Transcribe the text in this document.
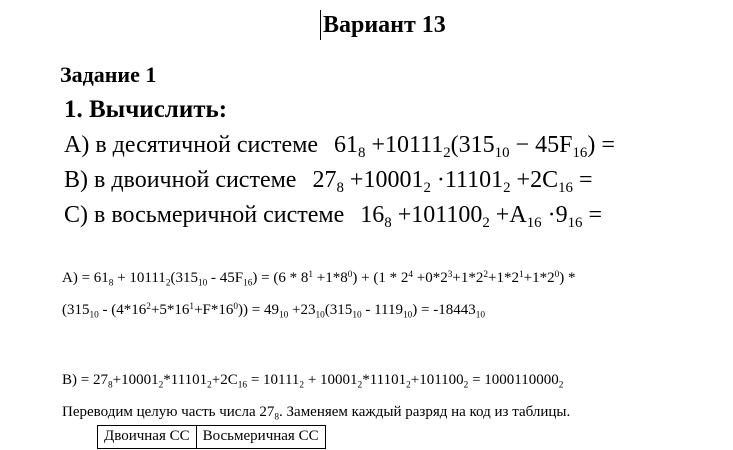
Вариант 13
Задание 1
1. Вычислить:
A) в десятичной системе $61_8 +10111_2(315_{10} - 45F_{16})$ =
B) в двоичной системе $27_8 +10001_2 \cdot 11101_2 +2C_{16}$ =
C) в восьмеричной системе $16_8 +101100_2 +A_{16} \cdot 9_{16}$ =
$A) = 61_8 + 10111_2(315_{10} - 45F_{16}) = (6 * 8^1 +1*8^0) + (1 * 2^4 +0*2^3+1*2^2+1*2^1+1*2^0)$ *
$(315_{10} - (4*16^2+5*16^1+F*16^0)) = 49_{10} +23_{10}(315_{10} - 1119_{10}) = -18443_{10}$
$B) = 27_8+10001_2*11101_2+2C_{16} = 10111_2 + 10001_2*11101_2+101100_2 = 1000110000_2$
Переводим целую часть числа $27_8$. Заменяем каждый разряд на код из таблицы.
Двоичная СС	Восьмеричная СС
